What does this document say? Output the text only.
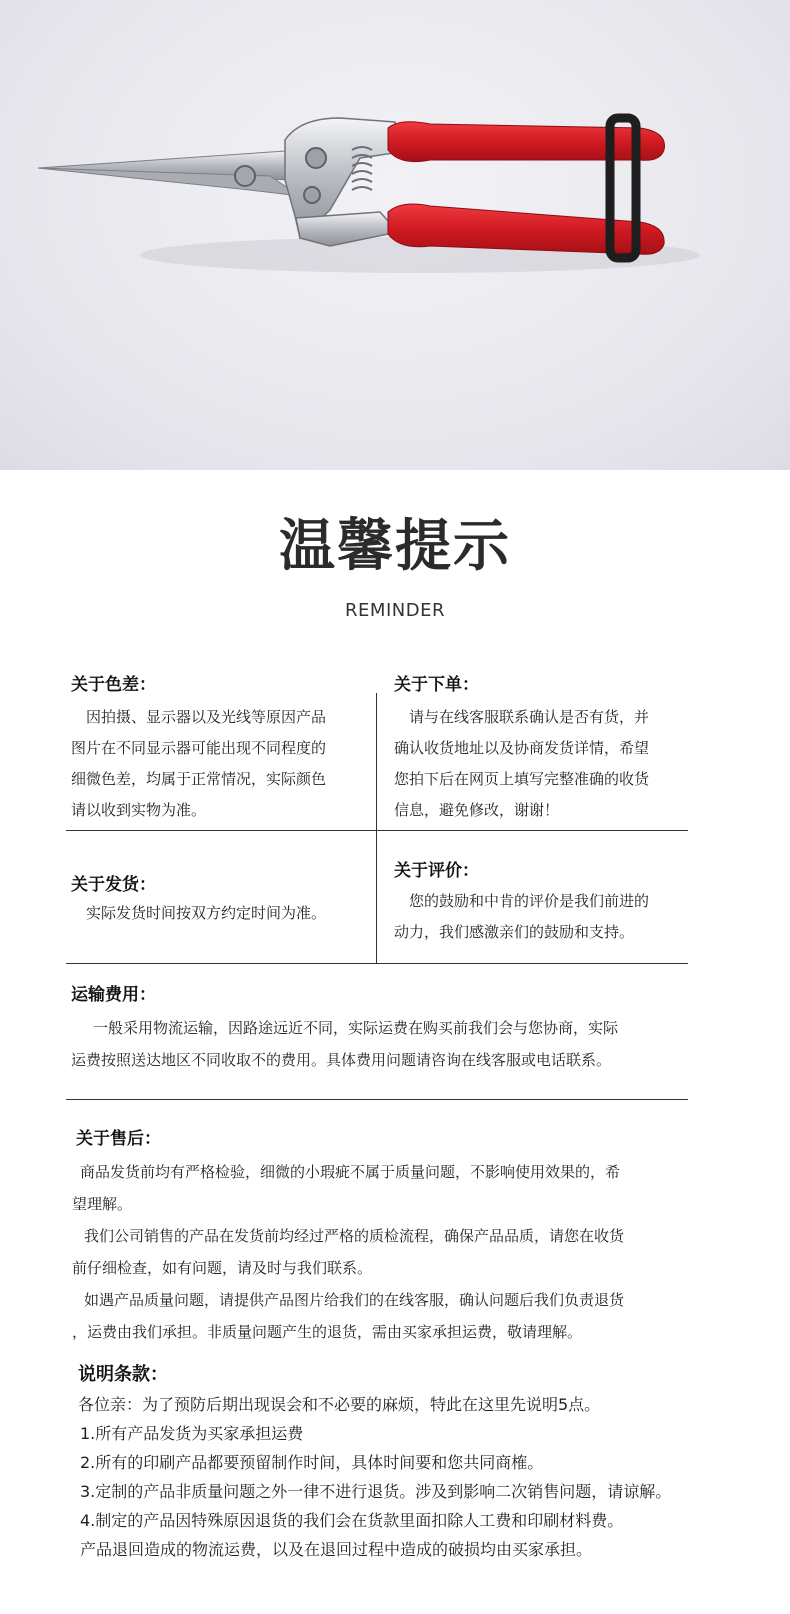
温馨提示
REMINDER
关于色差：
因拍摄、显示器以及光线等原因产品
图片在不同显示器可能出现不同程度的
细微色差，均属于正常情况，实际颜色
请以收到实物为准。
关于下单：
请与在线客服联系确认是否有货，并
确认收货地址以及协商发货详情，希望
您拍下后在网页上填写完整准确的收货
信息，避免修改，谢谢！
关于发货：
实际发货时间按双方约定时间为准。
关于评价：
您的鼓励和中肯的评价是我们前进的
动力，我们感激亲们的鼓励和支持。
运输费用：
一般采用物流运输，因路途远近不同，实际运费在购买前我们会与您协商，实际
运费按照送达地区不同收取不的费用。具体费用问题请咨询在线客服或电话联系。
关于售后：
商品发货前均有严格检验，细微的小瑕疵不属于质量问题，不影响使用效果的，希
望理解。
我们公司销售的产品在发货前均经过严格的质检流程，确保产品品质，请您在收货
前仔细检查，如有问题，请及时与我们联系。
如遇产品质量问题，请提供产品图片给我们的在线客服，确认问题后我们负责退货
，运费由我们承担。非质量问题产生的退货，需由买家承担运费，敬请理解。
说明条款：
各位亲：为了预防后期出现误会和不必要的麻烦，特此在这里先说明5点。
1.所有产品发货为买家承担运费
2.所有的印刷产品都要预留制作时间，具体时间要和您共同商榷。
3.定制的产品非质量问题之外一律不进行退货。涉及到影响二次销售问题，请谅解。
4.制定的产品因特殊原因退货的我们会在货款里面扣除人工费和印刷材料费。
产品退回造成的物流运费，以及在退回过程中造成的破损均由买家承担。
